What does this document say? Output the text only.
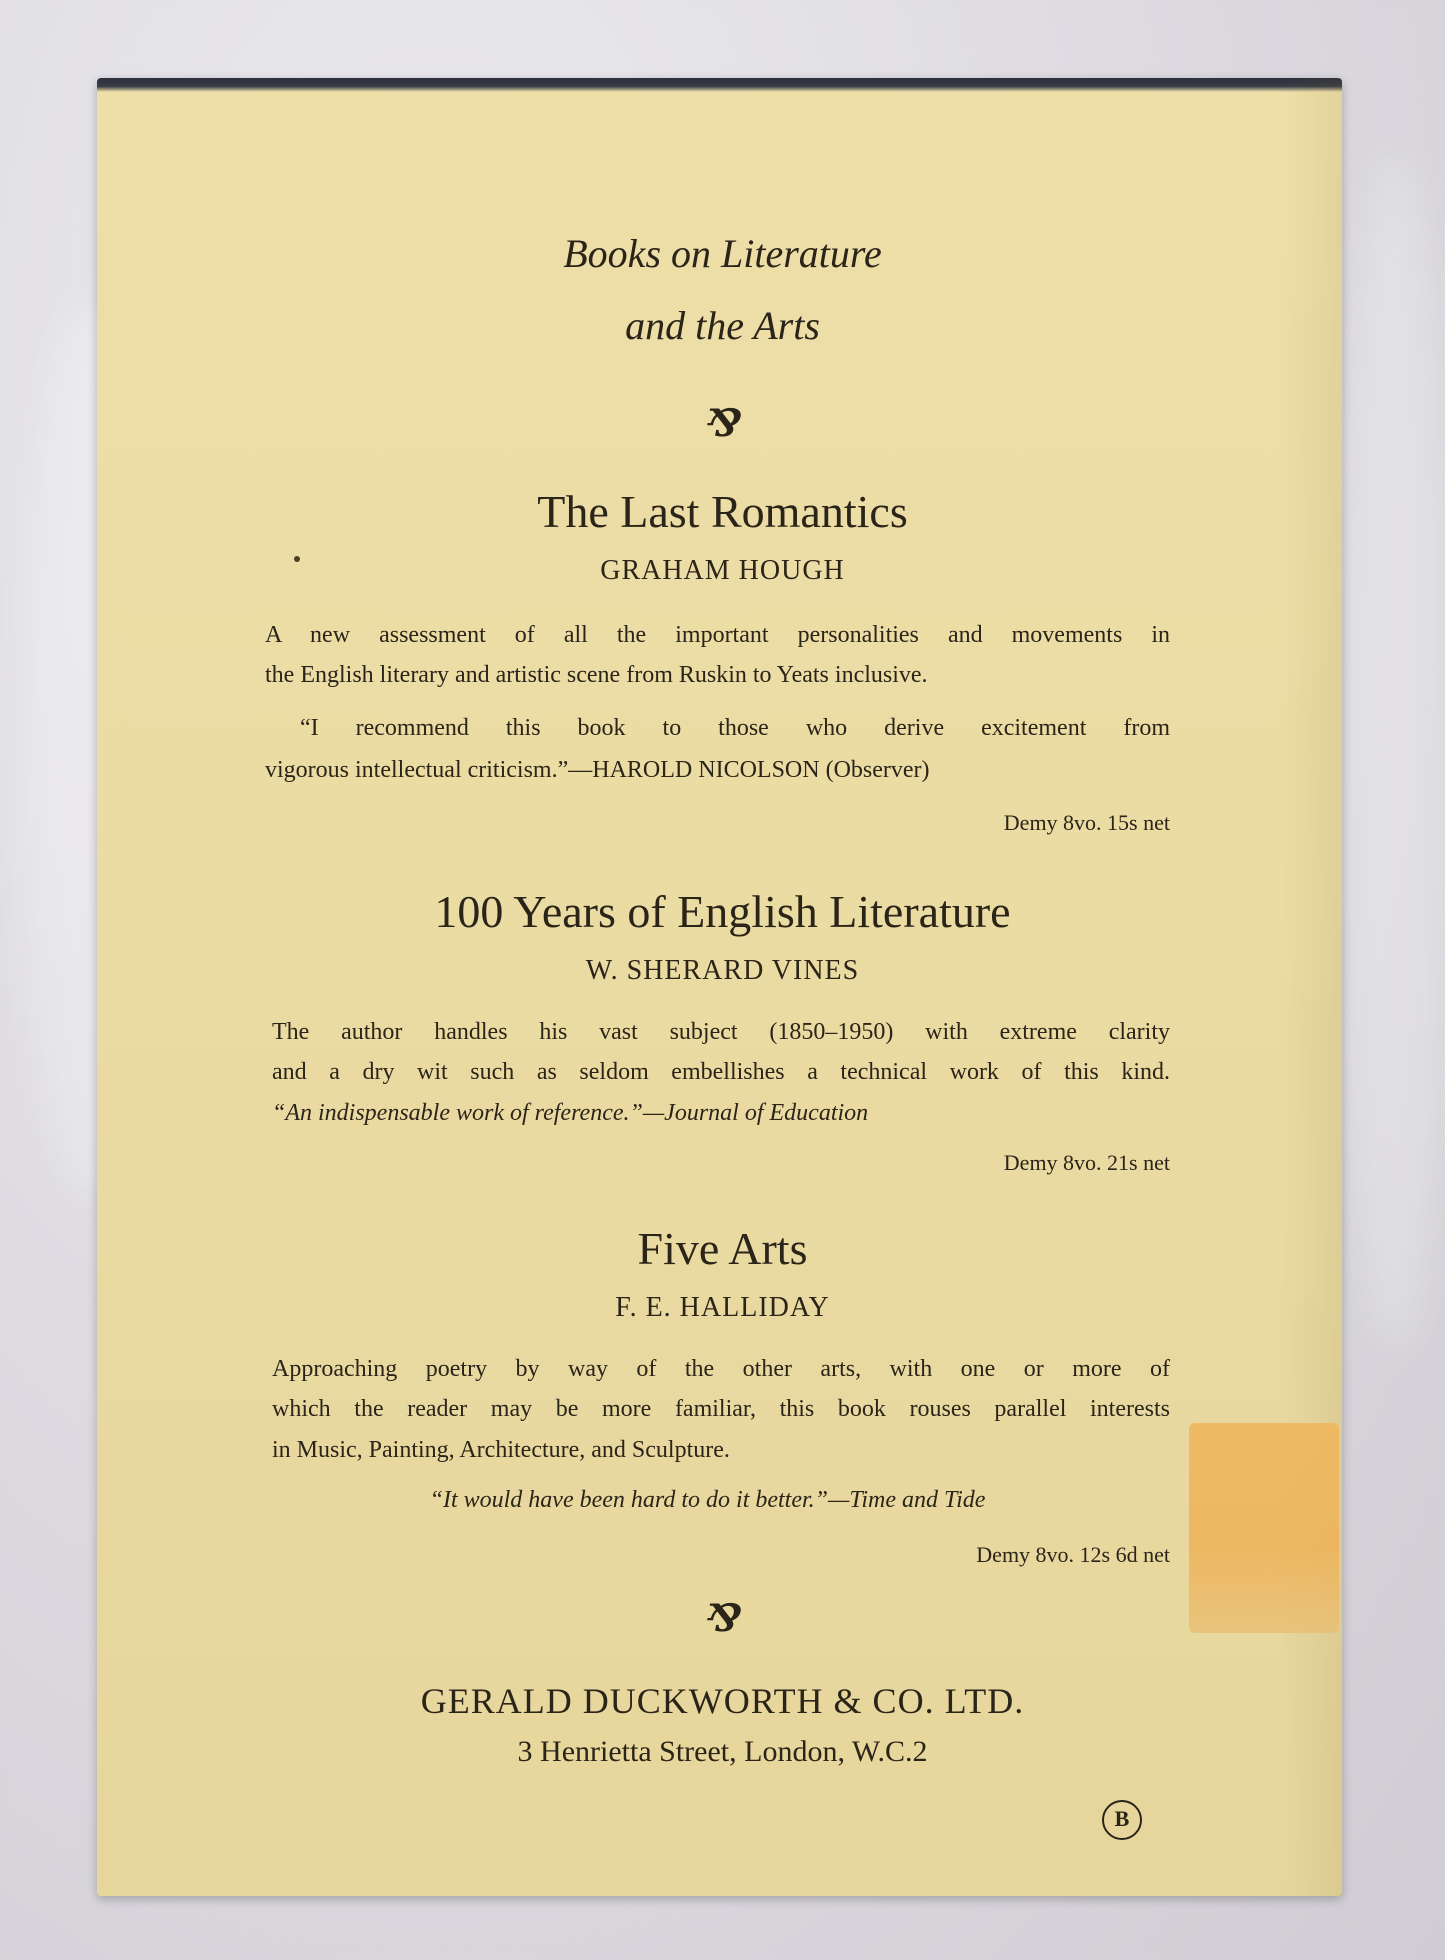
Books on Literature
and the Arts
⅋
The Last Romantics
GRAHAM HOUGH
A new assessment of all the important personalities and movements in
the English literary and artistic scene from Ruskin to Yeats inclusive.
“I recommend this book to those who derive excitement from
vigorous intellectual criticism.”—HAROLD NICOLSON (Observer)
Demy 8vo. 15s net
100 Years of English Literature
W. SHERARD VINES
The author handles his vast subject (1850–1950) with extreme clarity
and a dry wit such as seldom embellishes a technical work of this kind.
“An indispensable work of reference.”—Journal of Education
Demy 8vo. 21s net
Five Arts
F. E. HALLIDAY
Approaching poetry by way of the other arts, with one or more of
which the reader may be more familiar, this book rouses parallel interests
in Music, Painting, Architecture, and Sculpture.
“It would have been hard to do it better.”—Time and Tide
Demy 8vo. 12s 6d net
⅋
GERALD DUCKWORTH & CO. LTD.
3 Henrietta Street, London, W.C.2
B
